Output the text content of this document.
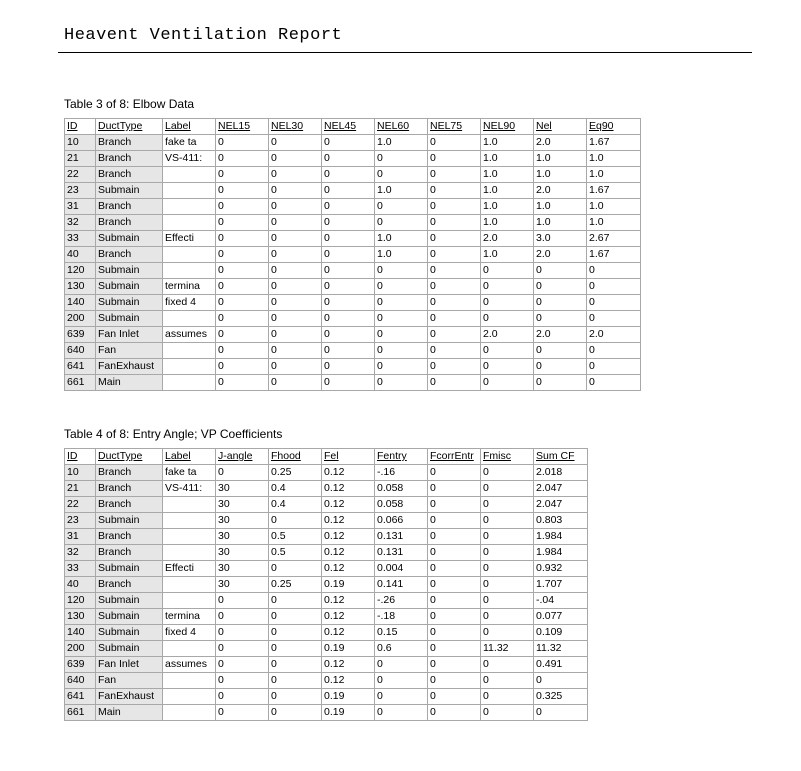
Heavent Ventilation Report
Table 3 of 8: Elbow Data
ID	DuctType	Label	NEL15	NEL30	NEL45	NEL60	NEL75	NEL90	Nel	Eq90
10	Branch	fake ta	0	0	0	1.0	0	1.0	2.0	1.67
21	Branch	VS-411:	0	0	0	0	0	1.0	1.0	1.0
22	Branch		0	0	0	0	0	1.0	1.0	1.0
23	Submain		0	0	0	1.0	0	1.0	2.0	1.67
31	Branch		0	0	0	0	0	1.0	1.0	1.0
32	Branch		0	0	0	0	0	1.0	1.0	1.0
33	Submain	Effecti	0	0	0	1.0	0	2.0	3.0	2.67
40	Branch		0	0	0	1.0	0	1.0	2.0	1.67
120	Submain		0	0	0	0	0	0	0	0
130	Submain	termina	0	0	0	0	0	0	0	0
140	Submain	fixed 4	0	0	0	0	0	0	0	0
200	Submain		0	0	0	0	0	0	0	0
639	Fan Inlet	assumes	0	0	0	0	0	2.0	2.0	2.0
640	Fan		0	0	0	0	0	0	0	0
641	FanExhaust		0	0	0	0	0	0	0	0
661	Main		0	0	0	0	0	0	0	0
Table 4 of 8: Entry Angle; VP Coefficients
ID	DuctType	Label	J-angle	Fhood	Fel	Fentry	FcorrEntr	Fmisc	Sum CF
10	Branch	fake ta	0	0.25	0.12	-.16	0	0	2.018
21	Branch	VS-411:	30	0.4	0.12	0.058	0	0	2.047
22	Branch		30	0.4	0.12	0.058	0	0	2.047
23	Submain		30	0	0.12	0.066	0	0	0.803
31	Branch		30	0.5	0.12	0.131	0	0	1.984
32	Branch		30	0.5	0.12	0.131	0	0	1.984
33	Submain	Effecti	30	0	0.12	0.004	0	0	0.932
40	Branch		30	0.25	0.19	0.141	0	0	1.707
120	Submain		0	0	0.12	-.26	0	0	-.04
130	Submain	termina	0	0	0.12	-.18	0	0	0.077
140	Submain	fixed 4	0	0	0.12	0.15	0	0	0.109
200	Submain		0	0	0.19	0.6	0	11.32	11.32
639	Fan Inlet	assumes	0	0	0.12	0	0	0	0.491
640	Fan		0	0	0.12	0	0	0	0
641	FanExhaust		0	0	0.19	0	0	0	0.325
661	Main		0	0	0.19	0	0	0	0
